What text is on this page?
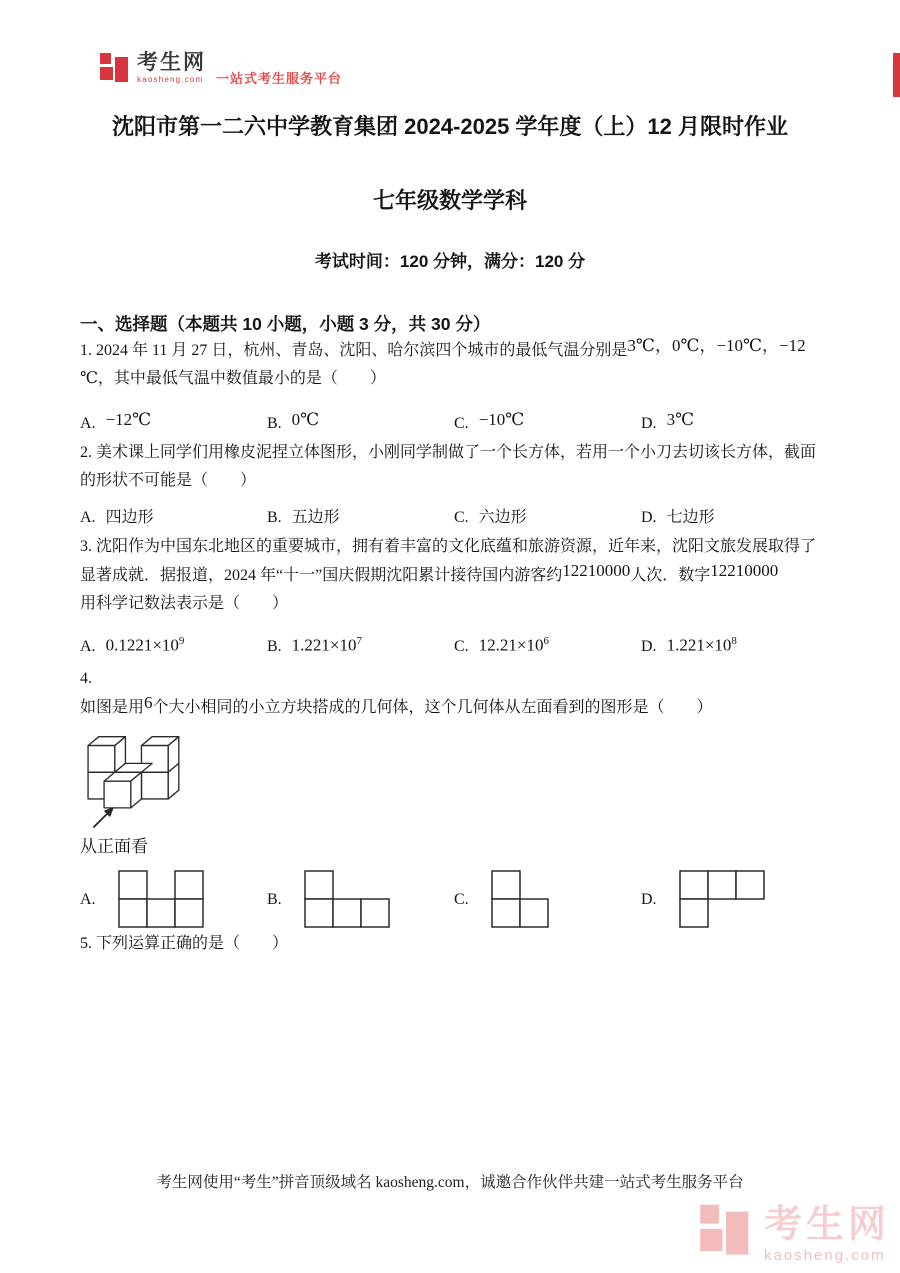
考生网
kaosheng.com 一站式考生服务平台
沈阳市第一二六中学教育集团 2024-2025 学年度（上）12 月限时作业
七年级数学学科
考试时间：120 分钟，满分：120 分
一、选择题（本题共 10 小题，小题 3 分，共 30 分）

1. 2024 年 11 月 27 日，杭州、青岛、沈阳、哈尔滨四个城市的最低气温分别是3℃，0℃，−10℃，−12

℃，其中最低气温中数值最小的是（　　）

A. −12℃	B. 0℃	C. −10℃	D. 3℃

2. 美术课上同学们用橡皮泥捏立体图形，小刚同学制做了一个长方体，若用一个小刀去切该长方体，截面

的形状不可能是（　　）

A. 四边形	B. 五边形	C. 六边形	D. 七边形

3. 沈阳作为中国东北地区的重要城市，拥有着丰富的文化底蕴和旅游资源，近年来，沈阳文旅发展取得了

显著成就．据报道，2024 年“十一”国庆假期沈阳累计接待国内游客约12210000人次．数字12210000

用科学记数法表示是（　　）

A. $0.1221\times 10^9$	B. $1.221\times 10^7$	C. $12.21\times 10^6$	D. $1.221\times 10^8$

4.

如图是用6个大小相同的小立方块搭成的几何体，这个几何体从左面看到的图形是（　　）

从正面看
A.	B.	C.	D.

5. 下列运算正确的是（　　）

考生网使用“考生”拼音顶级域名 kaosheng.com，诚邀合作伙伴共建一站式考生服务平台
考生网
kaosheng.com
